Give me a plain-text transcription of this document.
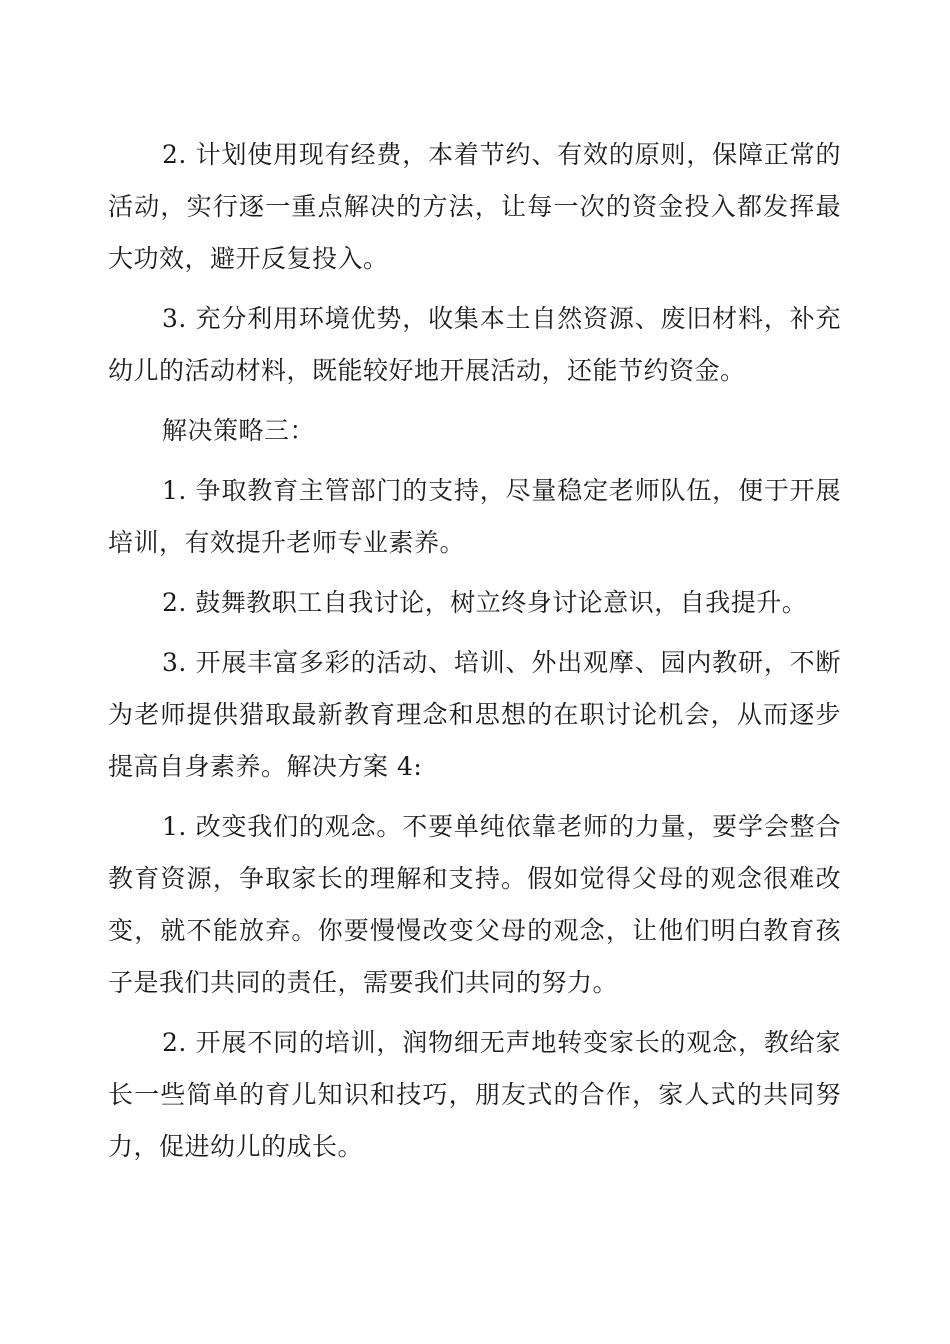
2. 计划使用现有经费，本着节约、有效的原则，保障正常的活动，实行逐一重点解决的方法，让每一次的资金投入都发挥最大功效，避开反复投入。

3. 充分利用环境优势，收集本土自然资源、废旧材料，补充幼儿的活动材料，既能较好地开展活动，还能节约资金。

解决策略三：

1. 争取教育主管部门的支持，尽量稳定老师队伍，便于开展培训，有效提升老师专业素养。

2. 鼓舞教职工自我讨论，树立终身讨论意识，自我提升。

3. 开展丰富多彩的活动、培训、外出观摩、园内教研，不断为老师提供猎取最新教育理念和思想的在职讨论机会，从而逐步提高自身素养。解决方案 4:

1. 改变我们的观念。不要单纯依靠老师的力量，要学会整合教育资源，争取家长的理解和支持。假如觉得父母的观念很难改变，就不能放弃。你要慢慢改变父母的观念，让他们明白教育孩子是我们共同的责任，需要我们共同的努力。

2. 开展不同的培训，润物细无声地转变家长的观念，教给家长一些简单的育儿知识和技巧，朋友式的合作，家人式的共同努力，促进幼儿的成长。
